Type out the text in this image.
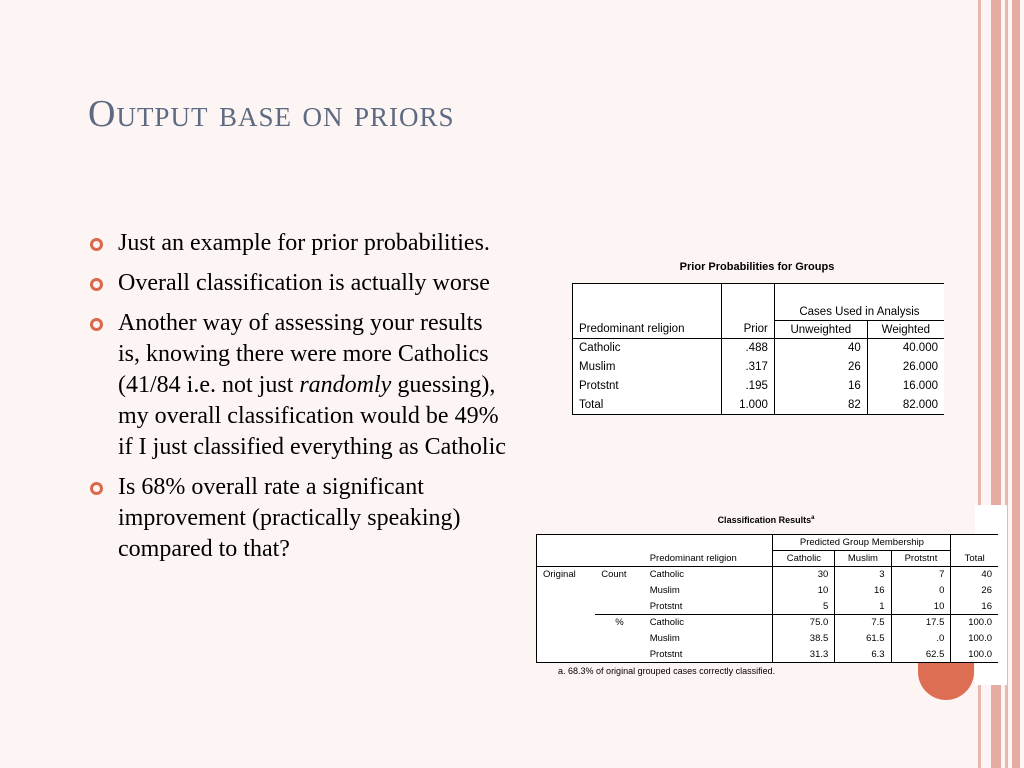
Output base on priors
Just an example for prior probabilities.
Overall classification is actually worse
Another way of assessing your results is, knowing there were more Catholics (41/84 i.e. not just randomly guessing), my overall classification would be 49% if I just classified everything as Catholic
Is 68% overall rate a significant improvement (practically speaking) compared to that?
Prior Probabilities for Groups

		Cases Used in Analysis	
Predominant religion	Prior	Unweighted	Weighted
Catholic	.488	40	40.000
Muslim	.317	26	26.000
Protstnt	.195	16	16.000
Total	1.000	82	82.000
Classification Results$^a$
			Predicted Group Membership			
		Predominant religion	Catholic	Muslim	Protstnt	Total
Original	Count	Catholic	30	3	7	40
		Muslim	10	16	0	26
		Protstnt	5	1	10	16
	%	Catholic	75.0	7.5	17.5	100.0
		Muslim	38.5	61.5	.0	100.0
		Protstnt	31.3	6.3	62.5	100.0
a. 68.3% of original grouped cases correctly classified.
